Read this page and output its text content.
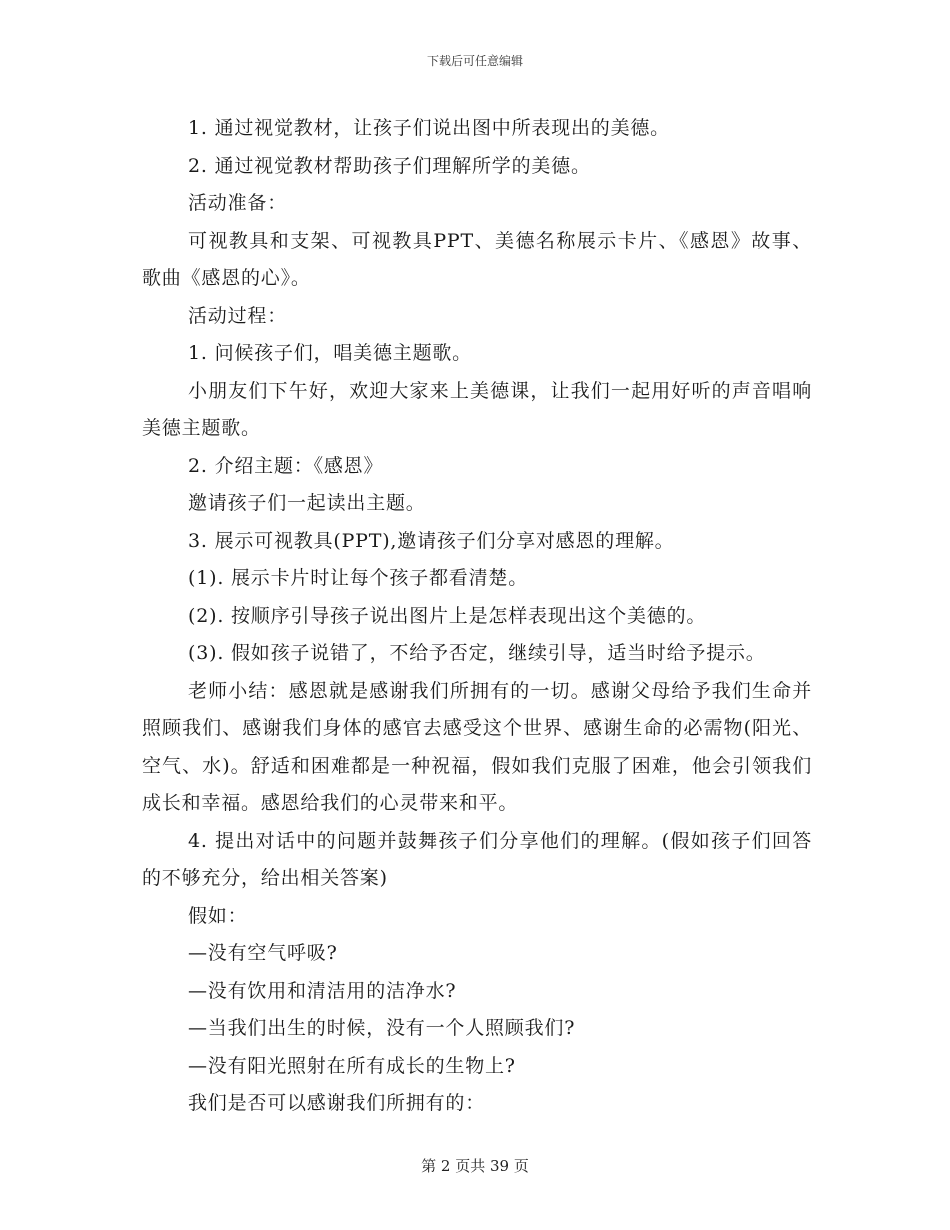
下载后可任意编辑

1. 通过视觉教材，让孩子们说出图中所表现出的美德。

2. 通过视觉教材帮助孩子们理解所学的美德。

活动准备：

可视教具和支架、可视教具PPT、美德名称展示卡片、《感恩》故事、歌曲《感恩的心》。

活动过程：

1. 问候孩子们，唱美德主题歌。

小朋友们下午好，欢迎大家来上美德课，让我们一起用好听的声音唱响美德主题歌。

2. 介绍主题：《感恩》

邀请孩子们一起读出主题。

3. 展示可视教具(PPT),邀请孩子们分享对感恩的理解。

(1). 展示卡片时让每个孩子都看清楚。

(2). 按顺序引导孩子说出图片上是怎样表现出这个美德的。

(3). 假如孩子说错了，不给予否定，继续引导，适当时给予提示。

老师小结：感恩就是感谢我们所拥有的一切。感谢父母给予我们生命并照顾我们、感谢我们身体的感官去感受这个世界、感谢生命的必需物(阳光、空气、水)。舒适和困难都是一种祝福，假如我们克服了困难，他会引领我们成长和幸福。感恩给我们的心灵带来和平。

4. 提出对话中的问题并鼓舞孩子们分享他们的理解。(假如孩子们回答的不够充分，给出相关答案)

假如：

—没有空气呼吸?

—没有饮用和清洁用的洁净水?

—当我们出生的时候，没有一个人照顾我们?

—没有阳光照射在所有成长的生物上?

我们是否可以感谢我们所拥有的：

第 2 页共 39 页
